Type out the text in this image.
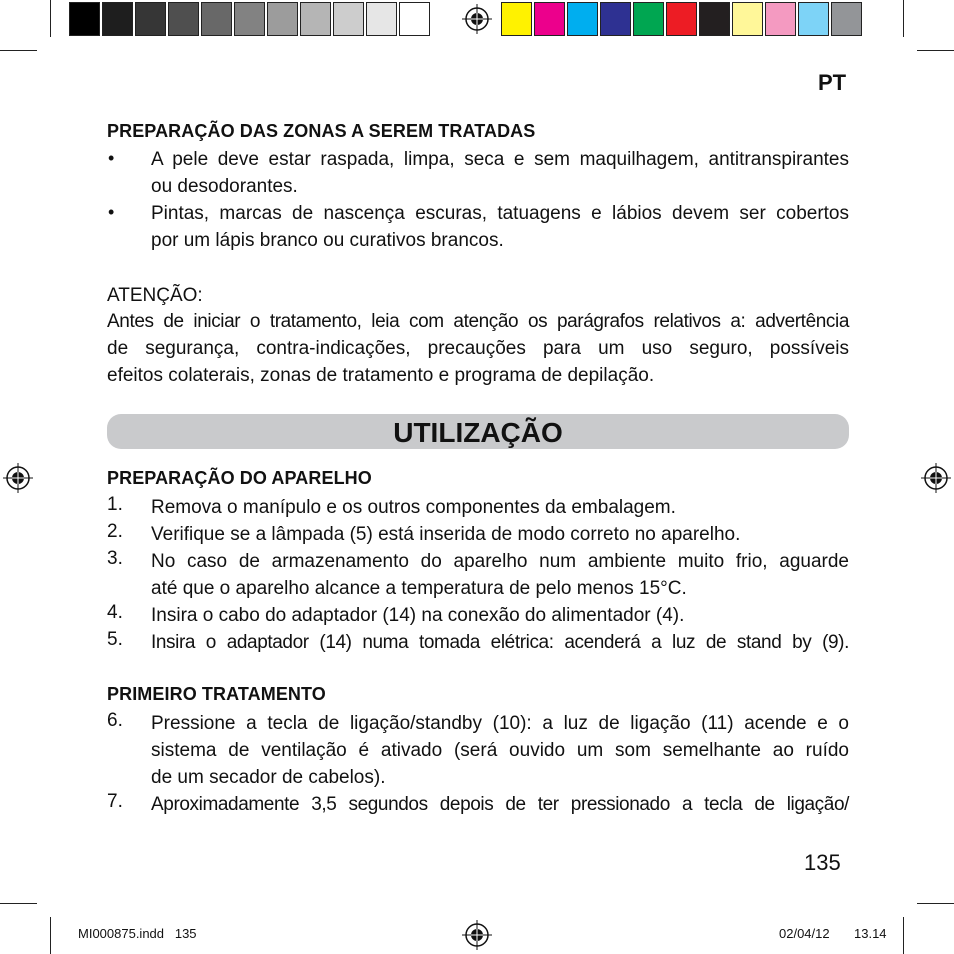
PT
PREPARAÇÃO DAS ZONAS A SEREM TRATADAS
• A pele deve estar raspada, limpa, seca e sem maquilhagem, antitranspirantes
ou desodorantes.
• Pintas, marcas de nascença escuras, tatuagens e lábios devem ser cobertos
por um lápis branco ou curativos brancos.
ATENÇÃO:
Antes de iniciar o tratamento, leia com atenção os parágrafos relativos a: advertência
de segurança, contra-indicações, precauções para um uso seguro, possíveis
efeitos colaterais, zonas de tratamento e programa de depilação.
UTILIZAÇÃO
PREPARAÇÃO DO APARELHO
1. Remova o manípulo e os outros componentes da embalagem.
2. Verifique se a lâmpada (5) está inserida de modo correto no aparelho.
3. No caso de armazenamento do aparelho num ambiente muito frio, aguarde
até que o aparelho alcance a temperatura de pelo menos 15°C.
4. Insira o cabo do adaptador (14) na conexão do alimentador (4).
5. Insira o adaptador (14) numa tomada elétrica: acenderá a luz de stand by (9).
PRIMEIRO TRATAMENTO
6. Pressione a tecla de ligação/standby (10): a luz de ligação (11) acende e o
sistema de ventilação é ativado (será ouvido um som semelhante ao ruído
de um secador de cabelos).
7. Aproximadamente 3,5 segundos depois de ter pressionado a tecla de ligação/
135
MI000875.indd   135	02/04/12 13.14
